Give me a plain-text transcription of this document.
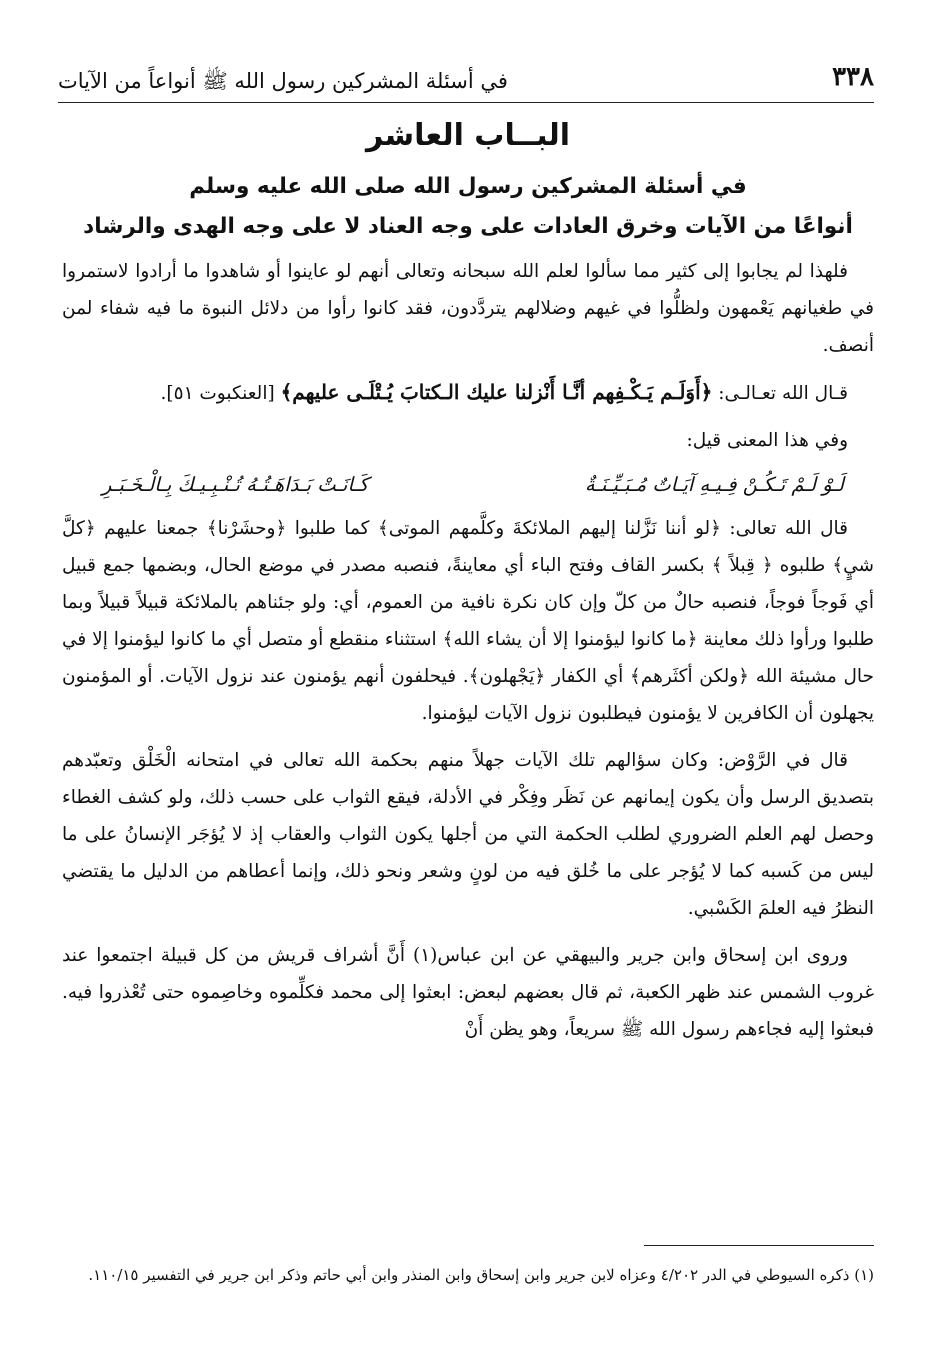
٣٣٨
في أسئلة المشركين رسول الله ﷺ أنواعاً من الآيات
البــاب العاشر

في أسئلة المشركين رسول الله صلى الله عليه وسلم

أنواعًا من الآيات وخرق العادات على وجه العناد لا على وجه الهدى والرشاد

فلهذا لم يجابوا إلى كثير مما سألوا لعلم الله سبحانه وتعالى أنهم لو عاينوا أو شاهدوا ما أرادوا لاستمروا في طغيانهم يَعْمهون ولظلُّوا في غيهم وضلالهم يتردَّدون، فقد كانوا رأوا من دلائل النبوة ما فيه شفاء لمن أنصف.

قـال الله تعـالـى: ﴿أَوَلَـم يَـكْـفِهم أنَّـا أَنْزلنا عليك الـكتابَ يُـتْلَـى عليهم﴾ [العنكبوت ٥١].

وفي هذا المعنى قيل:

لَـوْ لَـمْ تَـكُـنْ فِـيـهِ آيَـاتٌ مُـبَـيِّـنَـةٌ
كَـانَـتْ بَـدَاهَـتُـهُ تُـنْـبِـيـكَ بِـالْـخَـبَـرِ

قال الله تعالى: ﴿لو أننا نَزَّلنا إليهم الملائكةَ وكلَّمهم الموتى﴾ كما طلبوا ﴿وحشَرْنا﴾ جمعنا عليهم ﴿كلَّ شيٍ﴾ طلبوه ﴿ قِبلاً ﴾ بكسر القاف وفتح الباء أي معاينةً، فنصبه مصدر في موضع الحال، وبضمها جمع قبيل أي فَوجاً فوجاً، فنصبه حالٌ من كلّ وإن كان نكرة نافية من العموم، أي: ولو جئناهم بالملائكة قبيلاً قبيلاً وبما طلبوا ورأوا ذلك معاينة ﴿ما كانوا ليؤمنوا إلا أن يشاء الله﴾ استثناء منقطع أو متصل أي ما كانوا ليؤمنوا إلا في حال مشيئة الله ﴿ولكن أكثَرهم﴾ أي الكفار ﴿يَجْهلون﴾. فيحلفون أنهم يؤمنون عند نزول الآيات. أو المؤمنون يجهلون أن الكافرين لا يؤمنون فيطلبون نزول الآيات ليؤمنوا.

قال في الرَّوْض: وكان سؤالهم تلك الآيات جهلاً منهم بحكمة الله تعالى في امتحانه الْخَلْق وتعبّدهم بتصديق الرسل وأن يكون إيمانهم عن نَظَر وفِكْر في الأدلة، فيقع الثواب على حسب ذلك، ولو كشف الغطاء وحصل لهم العلم الضروري لطلب الحكمة التي من أجلها يكون الثواب والعقاب إذ لا يُؤجَر الإنسانُ على ما ليس من كَسبه كما لا يُؤجر على ما خُلق فيه من لونٍ وشعر ونحو ذلك، وإنما أعطاهم من الدليل ما يقتضي النظرُ فيه العلمَ الكَسْبي.

وروى ابن إسحاق وابن جرير والبيهقي عن ابن عباس(١) أَنَّ أشراف قريش من كل قبيلة اجتمعوا عند غروب الشمس عند ظهر الكعبة، ثم قال بعضهم لبعض: ابعثوا إلى محمد فكلِّموه وخاصِموه حتى تُعْذروا فيه. فبعثوا إليه فجاءهم رسول الله ﷺ سريعاً، وهو يظن أَنْ

(١) ذكره السيوطي في الدر ٤/٢٠٢ وعزاه لابن جرير وابن إسحاق وابن المنذر وابن أبي حاتم وذكر ابن جرير في التفسير ١١٠/١٥.
